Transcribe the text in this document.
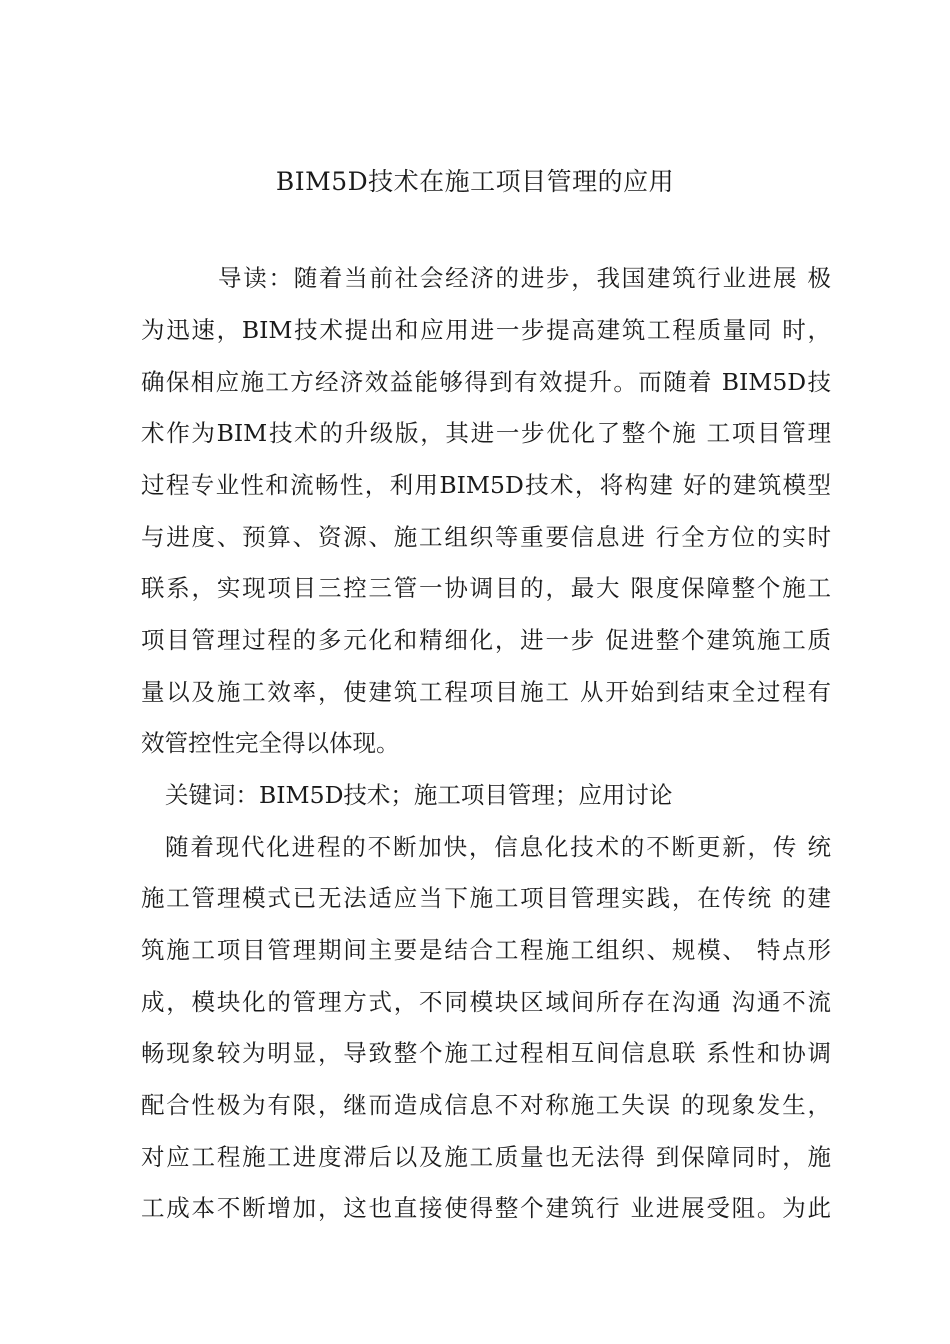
BIM5D技术在施工项目管理的应用
导读：随着当前社会经济的进步，我国建筑行业进展 极
为迅速，BIM技术提出和应用进一步提高建筑工程质量同 时，
确保相应施工方经济效益能够得到有效提升。而随着 BIM5D技
术作为BIM技术的升级版，其进一步优化了整个施 工项目管理
过程专业性和流畅性，利用BIM5D技术，将构建 好的建筑模型
与进度、预算、资源、施工组织等重要信息进 行全方位的实时
联系，实现项目三控三管一协调目的，最大 限度保障整个施工
项目管理过程的多元化和精细化，进一步 促进整个建筑施工质
量以及施工效率，使建筑工程项目施工 从开始到结束全过程有
效管控性完全得以体现。
关键词：BIM5D技术；施工项目管理；应用讨论
随着现代化进程的不断加快，信息化技术的不断更新，传 统
施工管理模式已无法适应当下施工项目管理实践，在传统 的建
筑施工项目管理期间主要是结合工程施工组织、规模、 特点形
成，模块化的管理方式，不同模块区域间所存在沟通 沟通不流
畅现象较为明显，导致整个施工过程相互间信息联 系性和协调
配合性极为有限，继而造成信息不对称施工失误 的现象发生，
对应工程施工进度滞后以及施工质量也无法得 到保障同时，施
工成本不断增加，这也直接使得整个建筑行 业进展受阻。为此
